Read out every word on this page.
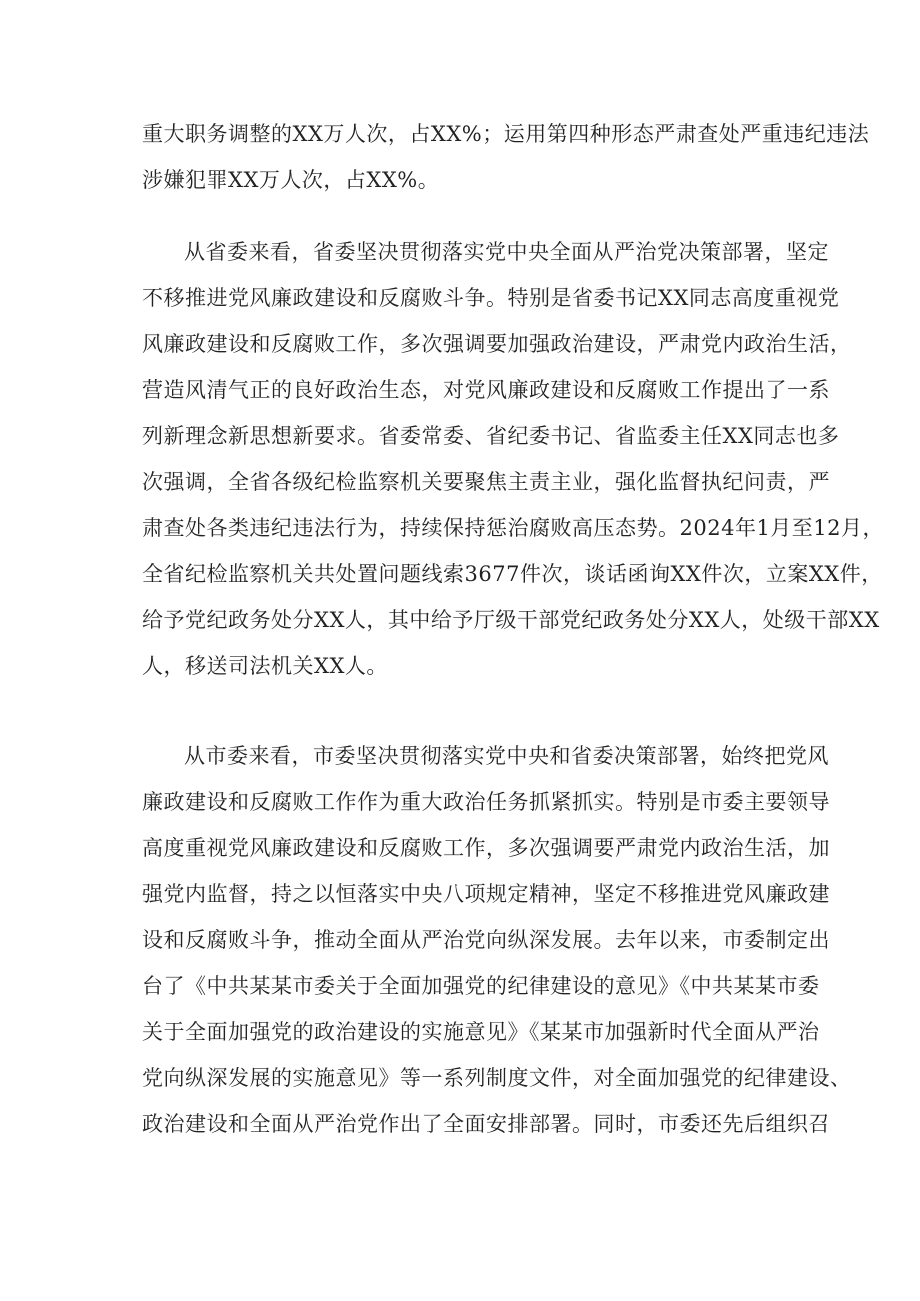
重大职务调整的XX万人次，占XX%；运用第四种形态严肃查处严重违纪违法
涉嫌犯罪XX万人次，占XX%。
从省委来看，省委坚决贯彻落实党中央全面从严治党决策部署，坚定
不移推进党风廉政建设和反腐败斗争。特别是省委书记XX同志高度重视党
风廉政建设和反腐败工作，多次强调要加强政治建设，严肃党内政治生活，
营造风清气正的良好政治生态，对党风廉政建设和反腐败工作提出了一系
列新理念新思想新要求。省委常委、省纪委书记、省监委主任XX同志也多
次强调，全省各级纪检监察机关要聚焦主责主业，强化监督执纪问责，严
肃查处各类违纪违法行为，持续保持惩治腐败高压态势。2024年1月至12月，
全省纪检监察机关共处置问题线索3677件次，谈话函询XX件次，立案XX件，
给予党纪政务处分XX人，其中给予厅级干部党纪政务处分XX人，处级干部XX
人，移送司法机关XX人。
从市委来看，市委坚决贯彻落实党中央和省委决策部署，始终把党风
廉政建设和反腐败工作作为重大政治任务抓紧抓实。特别是市委主要领导
高度重视党风廉政建设和反腐败工作，多次强调要严肃党内政治生活，加
强党内监督，持之以恒落实中央八项规定精神，坚定不移推进党风廉政建
设和反腐败斗争，推动全面从严治党向纵深发展。去年以来，市委制定出
台了《中共某某市委关于全面加强党的纪律建设的意见》《中共某某市委
关于全面加强党的政治建设的实施意见》《某某市加强新时代全面从严治
党向纵深发展的实施意见》等一系列制度文件，对全面加强党的纪律建设、
政治建设和全面从严治党作出了全面安排部署。同时，市委还先后组织召
